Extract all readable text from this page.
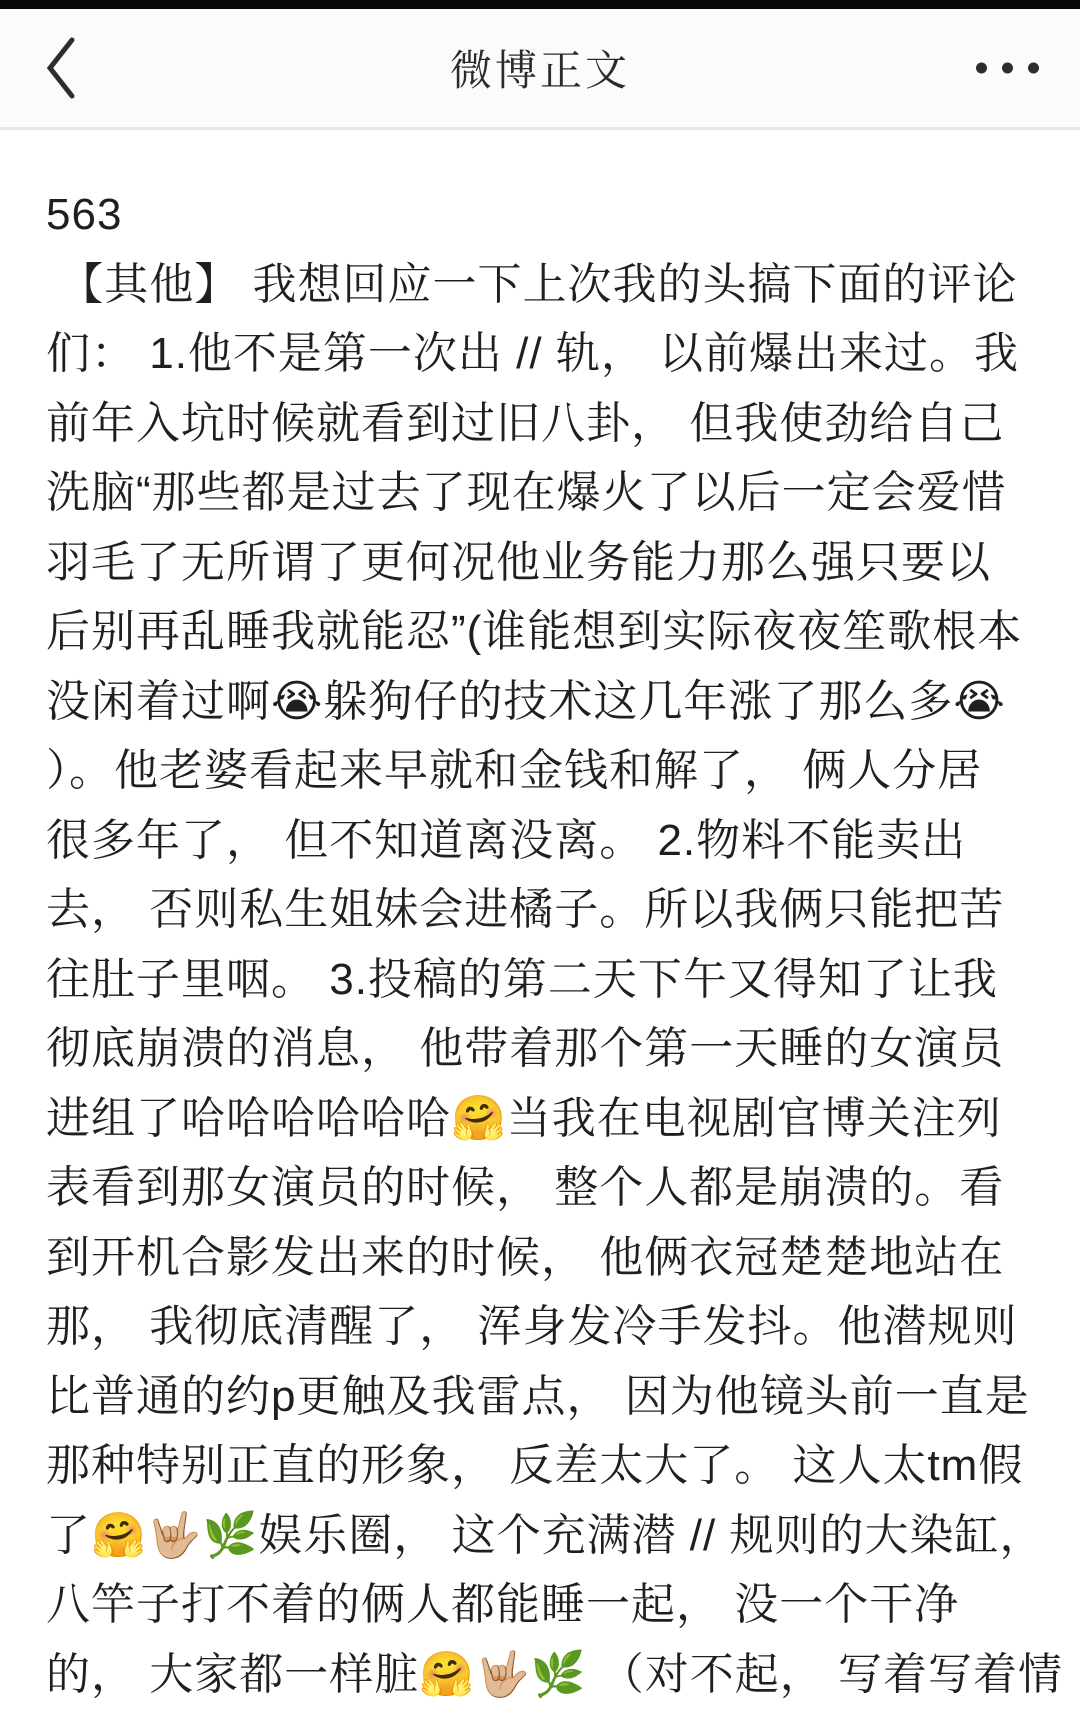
微博正文
563
【其他】 我想回应一下上次我的头搞下面的评论
们： 1.他不是第一次出 // 轨， 以前爆出来过。我
前年入坑时候就看到过旧八卦， 但我使劲给自己
洗脑“那些都是过去了现在爆火了以后一定会爱惜
羽毛了无所谓了更何况他业务能力那么强只要以
后别再乱睡我就能忍”(谁能想到实际夜夜笙歌根本
没闲着过啊😭躲狗仔的技术这几年涨了那么多😭
）。他老婆看起来早就和金钱和解了， 俩人分居
很多年了， 但不知道离没离。 2.物料不能卖出
去， 否则私生姐妹会进橘子。所以我俩只能把苦
往肚子里咽。 3.投稿的第二天下午又得知了让我
彻底崩溃的消息， 他带着那个第一天睡的女演员
进组了哈哈哈哈哈哈🤗当我在电视剧官博关注列
表看到那女演员的时候， 整个人都是崩溃的。看
到开机合影发出来的时候， 他俩衣冠楚楚地站在
那， 我彻底清醒了， 浑身发冷手发抖。他潜规则
比普通的约p更触及我雷点， 因为他镜头前一直是
那种特别正直的形象， 反差太大了。 这人太tm假
了🤗🤟🏼🌿娱乐圈， 这个充满潜 // 规则的大染缸，
八竿子打不着的俩人都能睡一起， 没一个干净
的， 大家都一样脏🤗🤟🏼🌿 （对不起， 写着写着情
